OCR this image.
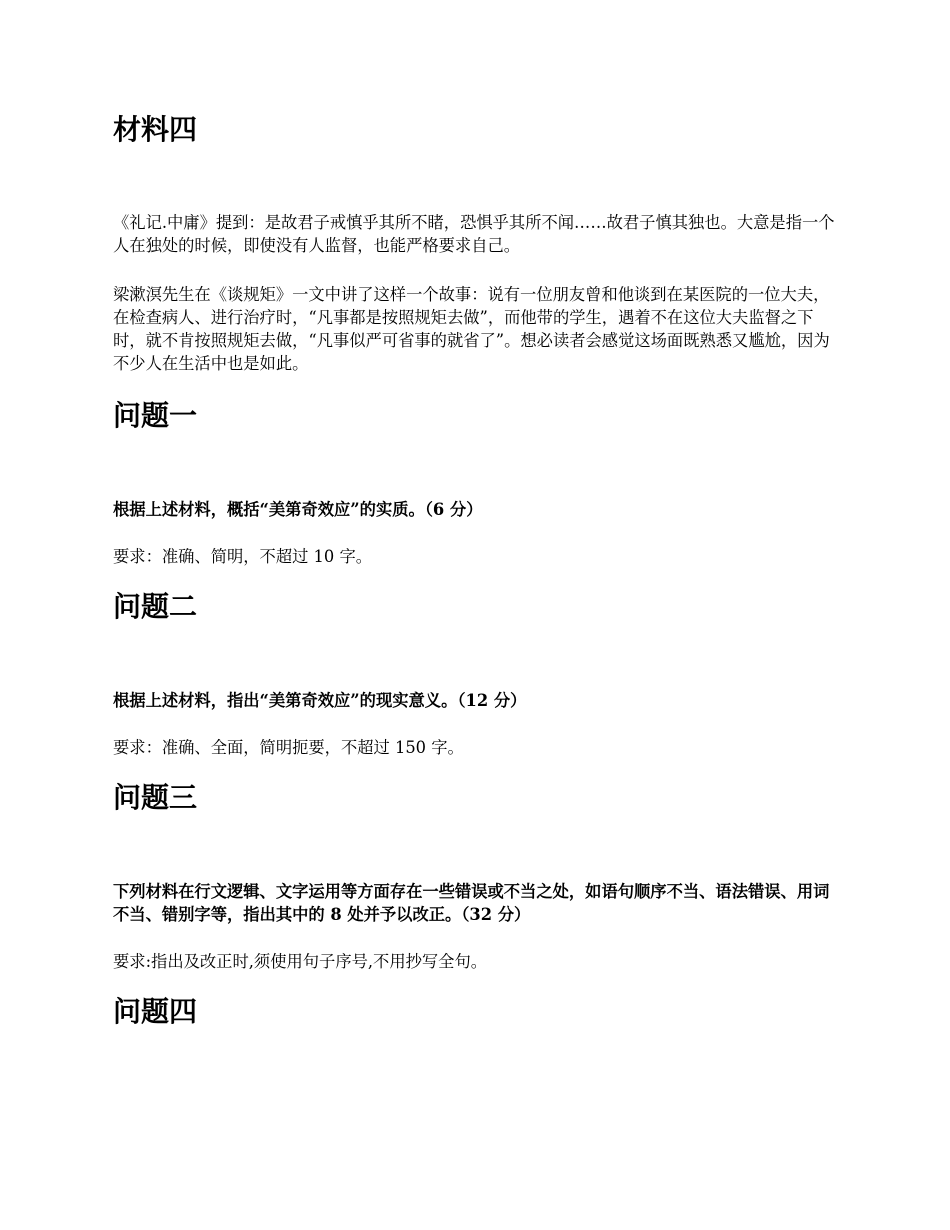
材料四

《礼记.中庸》提到：是故君子戒慎乎其所不睹，恐惧乎其所不闻……故君子慎其独也。大意是指一个人在独处的时候，即使没有人监督，也能严格要求自己。

梁漱溟先生在《谈规矩》一文中讲了这样一个故事：说有一位朋友曾和他谈到在某医院的一位大夫，在检查病人、进行治疗时，“凡事都是按照规矩去做”，而他带的学生，遇着不在这位大夫监督之下时，就不肯按照规矩去做，“凡事似严可省事的就省了”。想必读者会感觉这场面既熟悉又尴尬，因为不少人在生活中也是如此。

问题一

根据上述材料，概括“美第奇效应”的实质。（6 分）

要求：准确、简明，不超过 10 字。

问题二

根据上述材料，指出“美第奇效应”的现实意义。（12 分）

要求：准确、全面，简明扼要，不超过 150 字。

问题三

下列材料在行文逻辑、文字运用等方面存在一些错误或不当之处，如语句顺序不当、语法错误、用词不当、错别字等，指出其中的 8 处并予以改正。（32 分）

要求:指出及改正时,须使用句子序号,不用抄写全句。

问题四
